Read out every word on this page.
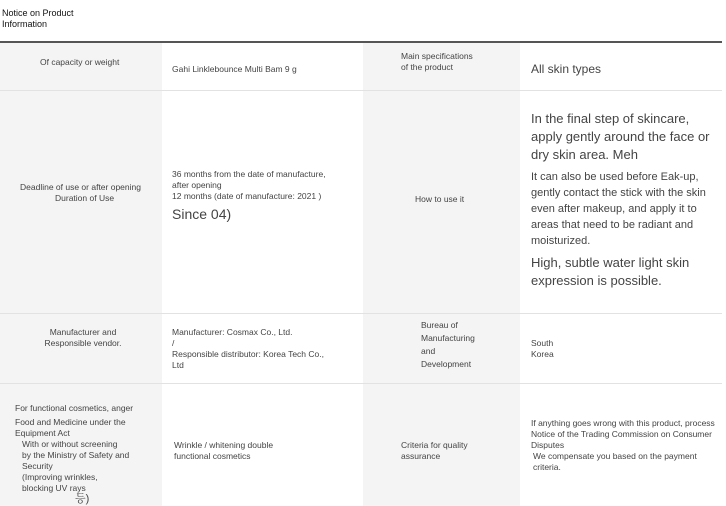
Notice on Product Information
Of capacity or weight
Gahi Linklebounce Multi Bam 9 g
Main specifications of the product	All skin types

Deadline of use or after opening

Duration of Use

36 months from the date of manufacture, after opening

12 months (date of manufacture: 2021 )

Since 04)

How to use it

In the final step of skincare, apply gently around the face or dry skin area. Meh

It can also be used before Eak-up, gently contact the stick with the skin even after makeup, and apply it to areas that need to be radiant and moisturized.

High, subtle water light skin expression is possible.

Manufacturer and Responsible vendor.

Manufacturer: Cosmax Co., Ltd. /

Responsible distributor: Korea Tech Co., Ltd

Bureau of Manufacturing and Development
South Korea

For functional cosmetics, anger

Food and Medicine under the Equipment Act

With or without screening

by the Ministry of Safety and Security

(Improving wrinkles, blocking UV rays

등)

Wrinkle / whitening double functional cosmetics
Criteria for quality assurance

If anything goes wrong with this product, process

Notice of the Trading Commission on Consumer Disputes

We compensate you based on the payment criteria.
